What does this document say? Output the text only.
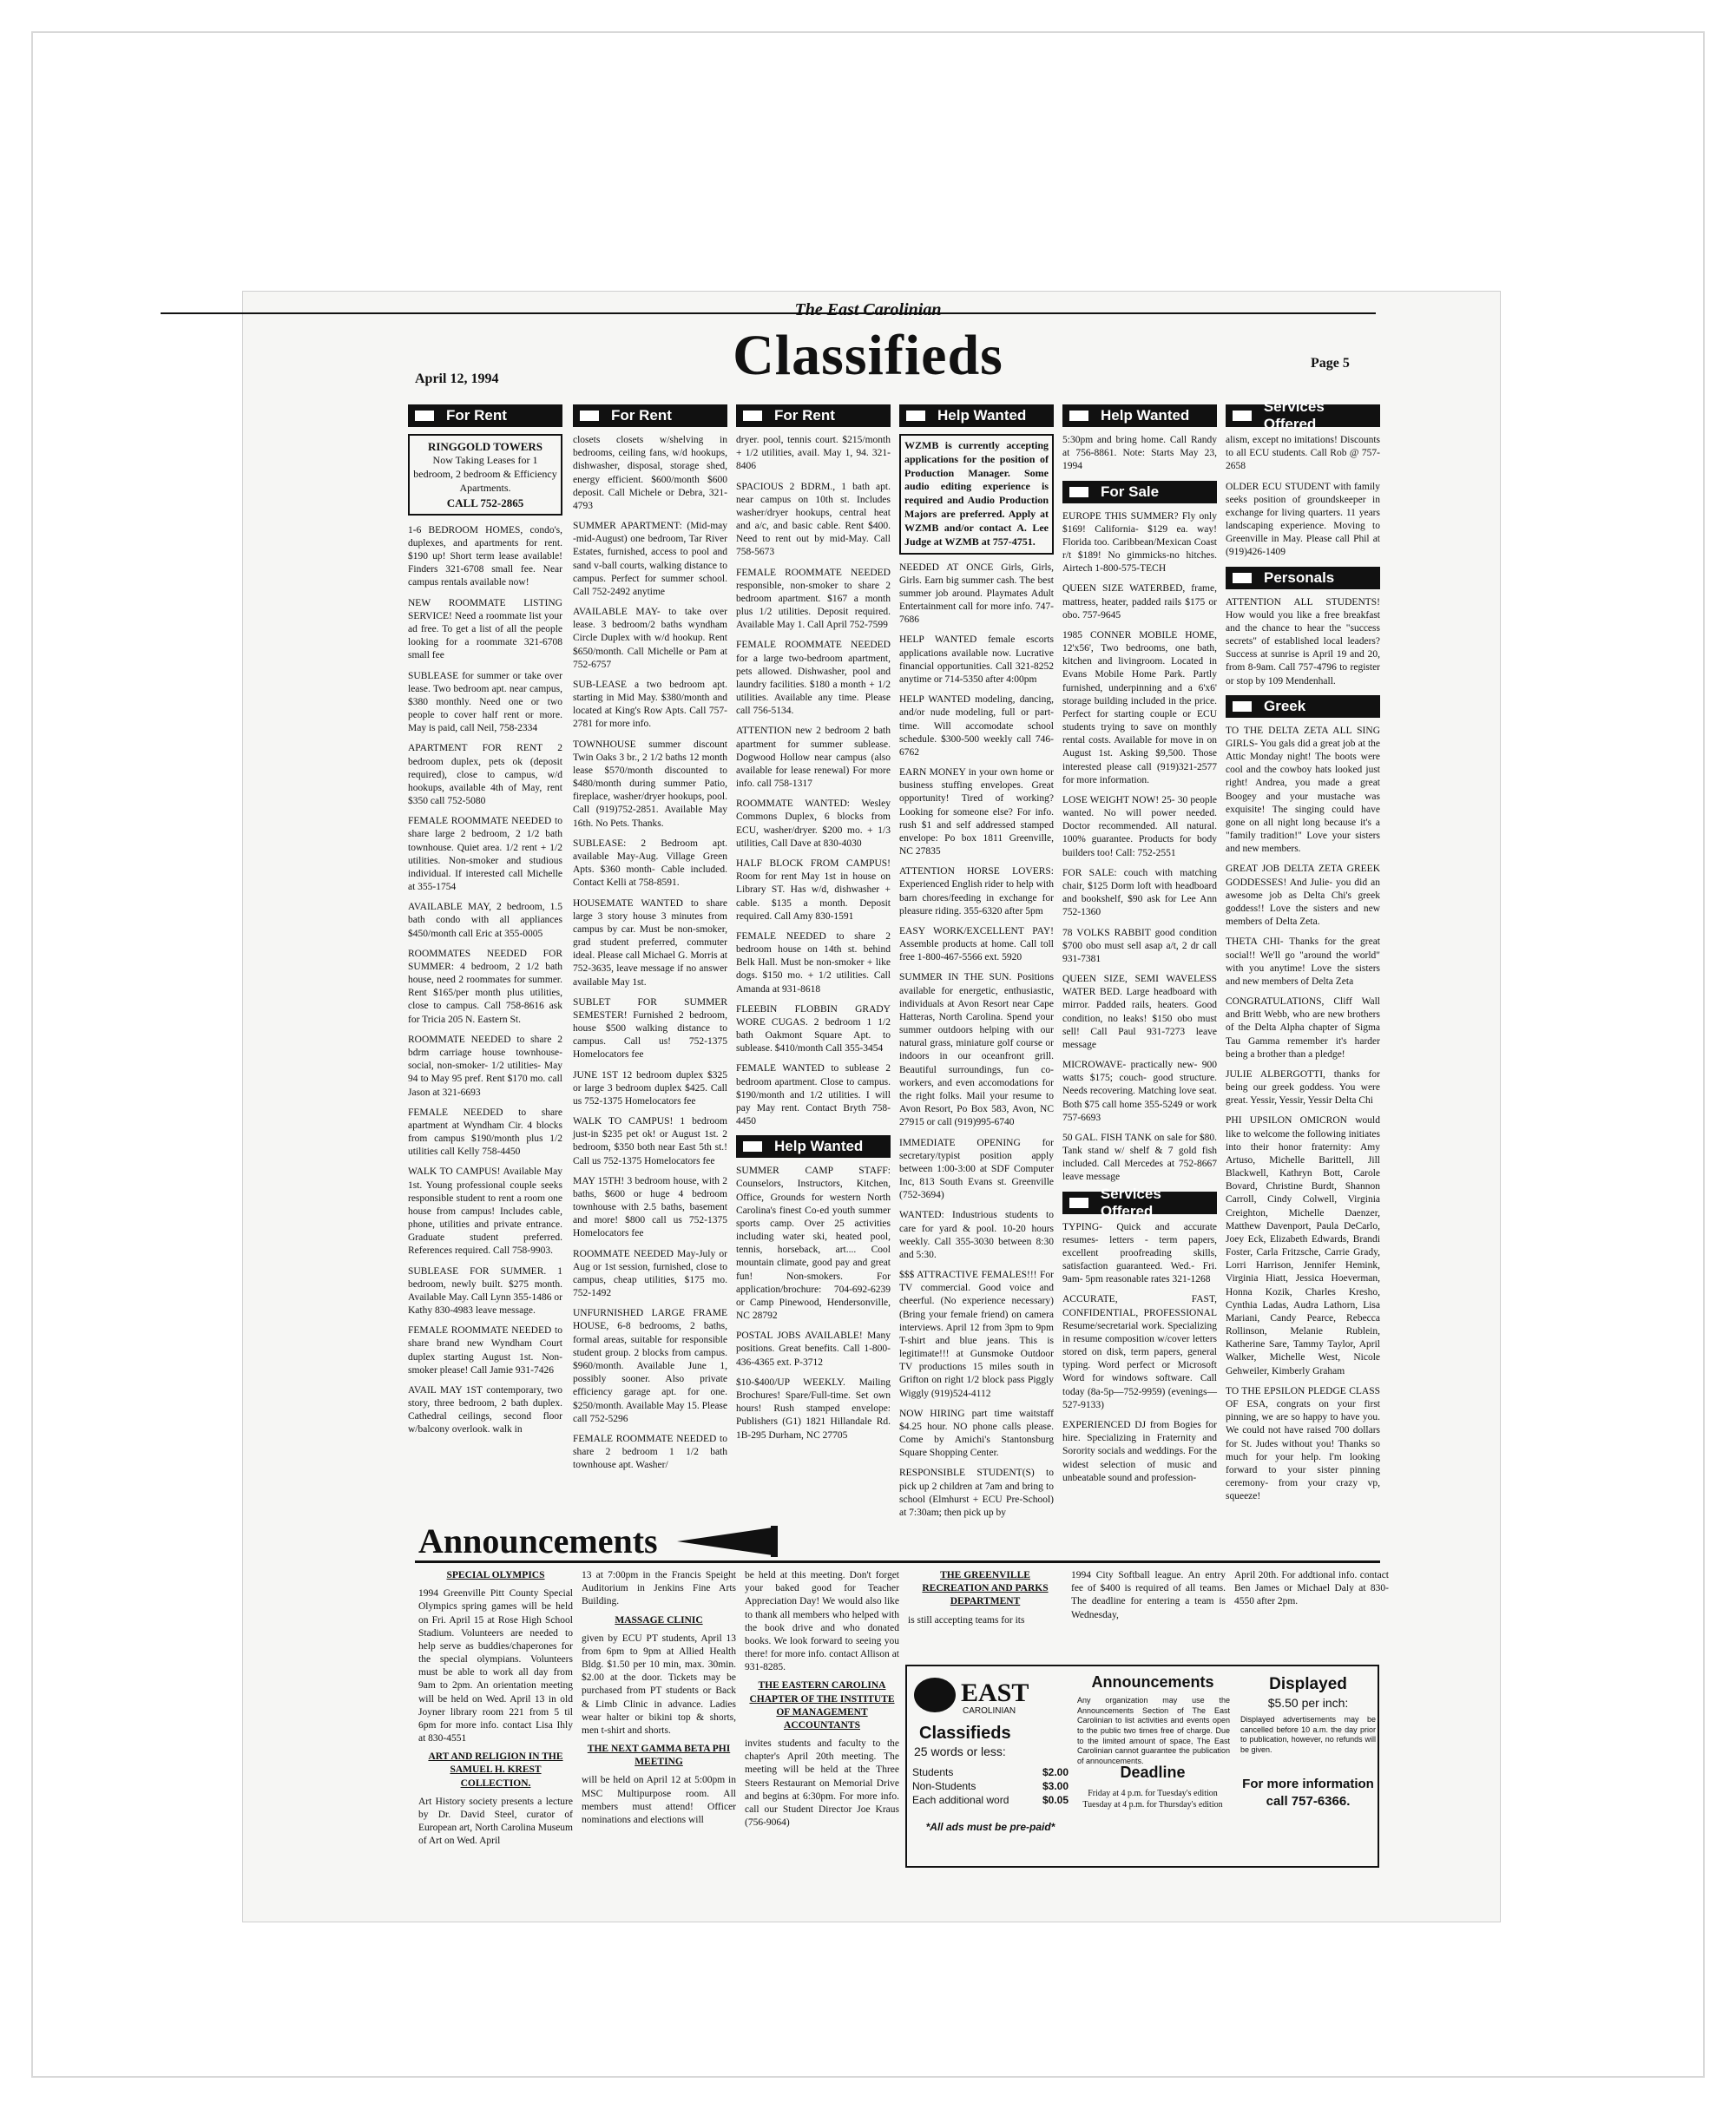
The East Carolinian
Classifieds
April 12, 1994
Page 5
For Rent
RINGGOLD TOWERS
Now Taking Leases for 1 bedroom, 2 bedroom & Efficiency Apartments.
CALL 752-2865

1-6 BEDROOM HOMES, condo's, duplexes, and apartments for rent. $190 up! Short term lease available! Finders 321-6708 small fee. Near campus rentals available now!

NEW ROOMMATE LISTING SERVICE! Need a roommate list your ad free. To get a list of all the people looking for a roommate 321-6708 small fee

SUBLEASE for summer or take over lease. Two bedroom apt. near campus, $380 monthly. Need one or two people to cover half rent or more. May is paid, call Neil, 758-2334

APARTMENT FOR RENT 2 bedroom duplex, pets ok (deposit required), close to campus, w/d hookups, available 4th of May, rent $350 call 752-5080

FEMALE ROOMMATE NEEDED to share large 2 bedroom, 2 1/2 bath townhouse. Quiet area. 1/2 rent + 1/2 utilities. Non-smoker and studious individual. If interested call Michelle at 355-1754

AVAILABLE MAY, 2 bedroom, 1.5 bath condo with all appliances $450/month call Eric at 355-0005

ROOMMATES NEEDED FOR SUMMER: 4 bedroom, 2 1/2 bath house, need 2 roommates for summer. Rent $165/per month plus utilities, close to campus. Call 758-8616 ask for Tricia 205 N. Eastern St.

ROOMMATE NEEDED to share 2 bdrm carriage house townhouse-social, non-smoker- 1/2 utilities- May 94 to May 95 pref. Rent $170 mo. call Jason at 321-6693

FEMALE NEEDED to share apartment at Wyndham Cir. 4 blocks from campus $190/month plus 1/2 utilities call Kelly 758-4450

WALK TO CAMPUS! Available May 1st. Young professional couple seeks responsible student to rent a room one house from campus! Includes cable, phone, utilities and private entrance. Graduate student preferred. References required. Call 758-9903.

SUBLEASE FOR SUMMER. 1 bedroom, newly built. $275 month. Available May. Call Lynn 355-1486 or Kathy 830-4983 leave message.

FEMALE ROOMMATE NEEDED to share brand new Wyndham Court duplex starting August 1st. Non-smoker please! Call Jamie 931-7426

AVAIL MAY 1ST contemporary, two story, three bedroom, 2 bath duplex. Cathedral ceilings, second floor w/balcony overlook. walk in

For Rent

closets closets w/shelving in bedrooms, ceiling fans, w/d hookups, dishwasher, disposal, storage shed, energy efficient. $600/month $600 deposit. Call Michele or Debra, 321-4793

SUMMER APARTMENT: (Mid-may -mid-August) one bedroom, Tar River Estates, furnished, access to pool and sand v-ball courts, walking distance to campus. Perfect for summer school. Call 752-2492 anytime

AVAILABLE MAY- to take over lease. 3 bedroom/2 baths wyndham Circle Duplex with w/d hookup. Rent $650/month. Call Michelle or Pam at 752-6757

SUB-LEASE a two bedroom apt. starting in Mid May. $380/month and located at King's Row Apts. Call 757-2781 for more info.

TOWNHOUSE summer discount Twin Oaks 3 br., 2 1/2 baths 12 month lease $570/month discounted to $480/month during summer Patio, fireplace, washer/dryer hookups, pool. Call (919)752-2851. Available May 16th. No Pets. Thanks.

SUBLEASE: 2 Bedroom apt. available May-Aug. Village Green Apts. $360 month- Cable included. Contact Kelli at 758-8591.

HOUSEMATE WANTED to share large 3 story house 3 minutes from campus by car. Must be non-smoker, grad student preferred, commuter ideal. Please call Michael G. Morris at 752-3635, leave message if no answer available May 1st.

SUBLET FOR SUMMER SEMESTER! Furnished 2 bedroom, house $500 walking distance to campus. Call us! 752-1375 Homelocators fee

JUNE 1ST 12 bedroom duplex $325 or large 3 bedroom duplex $425. Call us 752-1375 Homelocators fee

WALK TO CAMPUS! 1 bedroom just-in $235 pet ok! or August 1st. 2 bedroom, $350 both near East 5th st.! Call us 752-1375 Homelocators fee

MAY 15TH! 3 bedroom house, with 2 baths, $600 or huge 4 bedroom townhouse with 2.5 baths, basement and more! $800 call us 752-1375 Homelocators fee

ROOMMATE NEEDED May-July or Aug or 1st session, furnished, close to campus, cheap utilities, $175 mo. 752-1492

UNFURNISHED LARGE FRAME HOUSE, 6-8 bedrooms, 2 baths, formal areas, suitable for responsible student group. 2 blocks from campus. $960/month. Available June 1, possibly sooner. Also private efficiency garage apt. for one. $250/month. Available May 15. Please call 752-5296

FEMALE ROOMMATE NEEDED to share 2 bedroom 1 1/2 bath townhouse apt. Washer/

For Rent

dryer. pool, tennis court. $215/month + 1/2 utilities, avail. May 1, 94. 321-8406

SPACIOUS 2 BDRM., 1 bath apt. near campus on 10th st. Includes washer/dryer hookups, central heat and a/c, and basic cable. Rent $400. Need to rent out by mid-May. Call 758-5673

FEMALE ROOMMATE NEEDED responsible, non-smoker to share 2 bedroom apartment. $167 a month plus 1/2 utilities. Deposit required. Available May 1. Call April 752-7599

FEMALE ROOMMATE NEEDED for a large two-bedroom apartment, pets allowed. Dishwasher, pool and laundry facilities. $180 a month + 1/2 utilities. Available any time. Please call 756-5134.

ATTENTION new 2 bedroom 2 bath apartment for summer sublease. Dogwood Hollow near campus (also available for lease renewal) For more info. call 758-1317

ROOMMATE WANTED: Wesley Commons Duplex, 6 blocks from ECU, washer/dryer. $200 mo. + 1/3 utilities, Call Dave at 830-4030

HALF BLOCK FROM CAMPUS! Room for rent May 1st in house on Library ST. Has w/d, dishwasher + cable. $135 a month. Deposit required. Call Amy 830-1591

FEMALE NEEDED to share 2 bedroom house on 14th st. behind Belk Hall. Must be non-smoker + like dogs. $150 mo. + 1/2 utilities. Call Amanda at 931-8618

FLEEBIN FLOBBIN GRADY WORE CUGAS. 2 bedroom 1 1/2 bath Oakmont Square Apt. to sublease. $410/month Call 355-3454

FEMALE WANTED to sublease 2 bedroom apartment. Close to campus. $190/month and 1/2 utilities. I will pay May rent. Contact Bryth 758-4450

Help Wanted

SUMMER CAMP STAFF: Counselors, Instructors, Kitchen, Office, Grounds for western North Carolina's finest Co-ed youth summer sports camp. Over 25 activities including water ski, heated pool, tennis, horseback, art.... Cool mountain climate, good pay and great fun! Non-smokers. For application/brochure: 704-692-6239 or Camp Pinewood, Hendersonville, NC 28792

POSTAL JOBS AVAILABLE! Many positions. Great benefits. Call 1-800-436-4365 ext. P-3712

$10-$400/UP WEEKLY. Mailing Brochures! Spare/Full-time. Set own hours! Rush stamped envelope: Publishers (G1) 1821 Hillandale Rd. 1B-295 Durham, NC 27705

Help Wanted

WZMB is currently accepting applications for the position of Production Manager. Some audio editing experience is required and Audio Production Majors are preferred. Apply at WZMB and/or contact A. Lee Judge at WZMB at 757-4751.

NEEDED AT ONCE Girls, Girls, Girls. Earn big summer cash. The best summer job around. Playmates Adult Entertainment call for more info. 747-7686

HELP WANTED female escorts applications available now. Lucrative financial opportunities. Call 321-8252 anytime or 714-5350 after 4:00pm

HELP WANTED modeling, dancing, and/or nude modeling, full or part-time. Will accomodate school schedule. $300-500 weekly call 746-6762

EARN MONEY in your own home or business stuffing envelopes. Great opportunity! Tired of working? Looking for someone else? For info. rush $1 and self addressed stamped envelope: Po box 1811 Greenville, NC 27835

ATTENTION HORSE LOVERS: Experienced English rider to help with barn chores/feeding in exchange for pleasure riding. 355-6320 after 5pm

EASY WORK/EXCELLENT PAY! Assemble products at home. Call toll free 1-800-467-5566 ext. 5920

SUMMER IN THE SUN. Positions available for energetic, enthusiastic, individuals at Avon Resort near Cape Hatteras, North Carolina. Spend your summer outdoors helping with our natural grass, miniature golf course or indoors in our oceanfront grill. Beautiful surroundings, fun co-workers, and even accomodations for the right folks. Mail your resume to Avon Resort, Po Box 583, Avon, NC 27915 or call (919)995-6740

IMMEDIATE OPENING for secretary/typist position apply between 1:00-3:00 at SDF Computer Inc, 813 South Evans st. Greenville (752-3694)

WANTED: Industrious students to care for yard & pool. 10-20 hours weekly. Call 355-3030 between 8:30 and 5:30.

$$$ ATTRACTIVE FEMALES!!! For TV commercial. Good voice and cheerful. (No experience necessary) (Bring your female friend) on camera interviews. April 12 from 3pm to 9pm T-shirt and blue jeans. This is legitimate!!! at Gunsmoke Outdoor TV productions 15 miles south in Grifton on right 1/2 block pass Piggly Wiggly (919)524-4112

NOW HIRING part time waitstaff $4.25 hour. NO phone calls please. Come by Amichi's Stantonsburg Square Shopping Center.

RESPONSIBLE STUDENT(S) to pick up 2 children at 7am and bring to school (Elmhurst + ECU Pre-School) at 7:30am; then pick up by

Help Wanted

5:30pm and bring home. Call Randy at 756-8861. Note: Starts May 23, 1994

For Sale

EUROPE THIS SUMMER? Fly only $169! California- $129 ea. way! Florida too. Caribbean/Mexican Coast r/t $189! No gimmicks-no hitches. Airtech 1-800-575-TECH

QUEEN SIZE WATERBED, frame, mattress, heater, padded rails $175 or obo. 757-9645

1985 CONNER MOBILE HOME, 12'x56', Two bedrooms, one bath, kitchen and livingroom. Located in Evans Mobile Home Park. Partly furnished, underpinning and a 6'x6' storage building included in the price. Perfect for starting couple or ECU students trying to save on monthly rental costs. Available for move in on August 1st. Asking $9,500. Those interested please call (919)321-2577 for more information.

LOSE WEIGHT NOW! 25- 30 people wanted. No will power needed. Doctor recommended. All natural. 100% guarantee. Products for body builders too! Call: 752-2551

FOR SALE: couch with matching chair, $125 Dorm loft with headboard and bookshelf, $90 ask for Lee Ann 752-1360

78 VOLKS RABBIT good condition $700 obo must sell asap a/t, 2 dr call 931-7381

QUEEN SIZE, SEMI WAVELESS WATER BED. Large headboard with mirror. Padded rails, heaters. Good condition, no leaks! $150 obo must sell! Call Paul 931-7273 leave message

MICROWAVE- practically new- 900 watts $175; couch- good structure. Needs recovering. Matching love seat. Both $75 call home 355-5249 or work 757-6693

50 GAL. FISH TANK on sale for $80. Tank stand w/ shelf & 7 gold fish included. Call Mercedes at 752-8667 leave message

Services Offered

TYPING- Quick and accurate resumes- letters - term papers, excellent proofreading skills, satisfaction guaranteed. Wed.- Fri. 9am- 5pm reasonable rates 321-1268

ACCURATE, FAST, CONFIDENTIAL, PROFESSIONAL Resume/secretarial work. Specializing in resume composition w/cover letters stored on disk, term papers, general typing. Word perfect or Microsoft Word for windows software. Call today (8a-5p—752-9959) (evenings—527-9133)

EXPERIENCED DJ from Bogies for hire. Specializing in Fraternity and Sorority socials and weddings. For the widest selection of music and unbeatable sound and profession-

Services Offered

alism, except no imitations! Discounts to all ECU students. Call Rob @ 757-2658

OLDER ECU STUDENT with family seeks position of groundskeeper in exchange for living quarters. 11 years landscaping experience. Moving to Greenville in May. Please call Phil at (919)426-1409

Personals

ATTENTION ALL STUDENTS! How would you like a free breakfast and the chance to hear the "success secrets" of established local leaders? Success at sunrise is April 19 and 20, from 8-9am. Call 757-4796 to register or stop by 109 Mendenhall.

Greek

TO THE DELTA ZETA ALL SING GIRLS- You gals did a great job at the Attic Monday night! The boots were cool and the cowboy hats looked just right! Andrea, you made a great Boogey and your mustache was exquisite! The singing could have gone on all night long because it's a "family tradition!" Love your sisters and new members.

GREAT JOB DELTA ZETA GREEK GODDESSES! And Julie- you did an awesome job as Delta Chi's greek goddess!! Love the sisters and new members of Delta Zeta.

THETA CHI- Thanks for the great social!! We'll go "around the world" with you anytime! Love the sisters and new members of Delta Zeta

CONGRATULATIONS, Cliff Wall and Britt Webb, who are new brothers of the Delta Alpha chapter of Sigma Tau Gamma remember it's harder being a brother than a pledge!

JULIE ALBERGOTTI, thanks for being our greek goddess. You were great. Yessir, Yessir, Yessir Delta Chi

PHI UPSILON OMICRON would like to welcome the following initiates into their honor fraternity: Amy Artuso, Michelle Barittell, Jill Blackwell, Kathryn Bott, Carole Bovard, Christine Burdt, Shannon Carroll, Cindy Colwell, Virginia Creighton, Michelle Daenzer, Matthew Davenport, Paula DeCarlo, Joey Eck, Elizabeth Edwards, Brandi Foster, Carla Fritzsche, Carrie Grady, Lorri Harrison, Jennifer Hemink, Virginia Hiatt, Jessica Hoeverman, Honna Kozik, Charles Kresho, Cynthia Ladas, Audra Lathorn, Lisa Mariani, Candy Pearce, Rebecca Rollinson, Melanie Rublein, Katherine Sare, Tammy Taylor, April Walker, Michelle West, Nicole Gehweiler, Kimberly Graham

TO THE EPSILON PLEDGE CLASS OF ESA, congrats on your first pinning, we are so happy to have you. We could not have raised 700 dollars for St. Judes without you! Thanks so much for your help. I'm looking forward to your sister pinning ceremony- from your crazy vp, squeeze!

Announcements

SPECIAL OLYMPICS

1994 Greenville Pitt County Special Olympics spring games will be held on Fri. April 15 at Rose High School Stadium. Volunteers are needed to help serve as buddies/chaperones for the special olympians. Volunteers must be able to work all day from 9am to 2pm. An orientation meeting will be held on Wed. April 13 in old Joyner library room 221 from 5 til 6pm for more info. contact Lisa Ihly at 830-4551

ART AND RELIGION IN THE SAMUEL H. KREST COLLECTION.

Art History society presents a lecture by Dr. David Steel, curator of European art, North Carolina Museum of Art on Wed. April

13 at 7:00pm in the Francis Speight Auditorium in Jenkins Fine Arts Building.

MASSAGE CLINIC

given by ECU PT students, April 13 from 6pm to 9pm at Allied Health Bldg. $1.50 per 10 min, max. 30min. $2.00 at the door. Tickets may be purchased from PT students or Back & Limb Clinic in advance. Ladies wear halter or bikini top & shorts, men t-shirt and shorts.

THE NEXT GAMMA BETA PHI MEETING

will be held on April 12 at 5:00pm in MSC Multipurpose room. All members must attend! Officer nominations and elections will

be held at this meeting. Don't forget your baked good for Teacher Appreciation Day! We would also like to thank all members who helped with the book drive and who donated books. We look forward to seeing you there! for more info. contact Allison at 931-8285.

THE EASTERN CAROLINA CHAPTER OF THE INSTITUTE OF MANAGEMENT ACCOUNTANTS

invites students and faculty to the chapter's April 20th meeting. The meeting will be held at the Three Steers Restaurant on Memorial Drive and begins at 6:30pm. For more info. call our Student Director Joe Kraus (756-9064)

THE GREENVILLE RECREATION AND PARKS DEPARTMENT

is still accepting teams for its

1994 City Softball league. An entry fee of $400 is required of all teams. The deadline for entering a team is Wednesday,

April 20th. For addtional info. contact Ben James or Michael Daly at 830-4550 after 2pm.

EAST
CAROLINIAN
Classifieds
25 words or less:
Students	$2.00
Non-Students	$3.00
Each additional word	$0.05
*All ads must be pre-paid*
Announcements
Any organization may use the Announcements Section of The East Carolinian to list activities and events open to the public two times free of charge. Due to the limited amount of space, The East Carolinian cannot guarantee the publication of announcements.
Deadline
Friday at 4 p.m. for Tuesday's edition
Tuesday at 4 p.m. for Thursday's edition
Displayed
$5.50 per inch:
Displayed advertisements may be cancelled before 10 a.m. the day prior to publication, however, no refunds will be given.
For more information call 757-6366.
